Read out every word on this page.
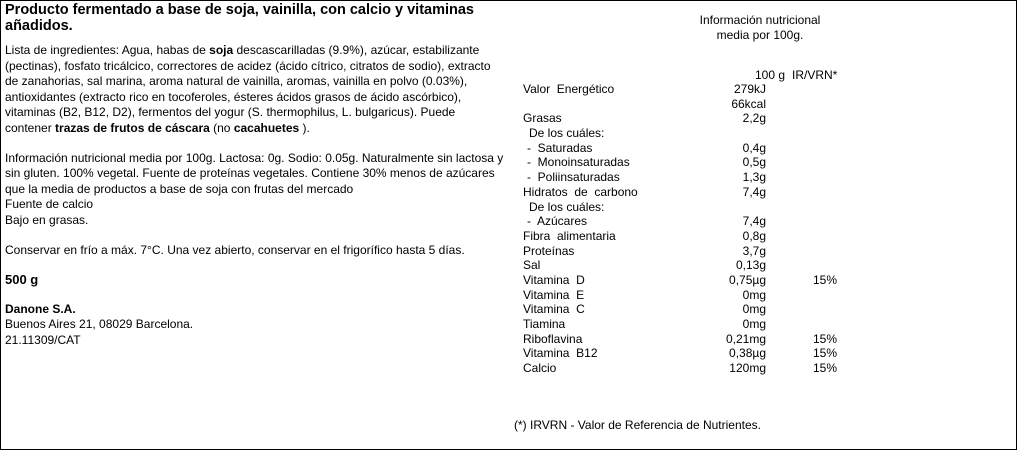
Producto fermentado a base de soja, vainilla, con calcio y vitaminas añadidos.

Lista de ingredientes: Agua, habas de soja descascarilladas (9.9%), azúcar, estabilizante (pectinas), fosfato tricálcico, correctores de acidez (ácido cítrico, citratos de sodio), extracto de zanahorias, sal marina, aroma natural de vainilla, aromas, vainilla en polvo (0.03%), antioxidantes (extracto rico en tocoferoles, ésteres ácidos grasos de ácido ascórbico), vitaminas (B2, B12, D2), fermentos del yogur (S. thermophilus, L. bulgaricus). Puede contener trazas de frutos de cáscara (no cacahuetes ).

Información nutricional media por 100g. Lactosa: 0g. Sodio: 0.05g. Naturalmente sin lactosa y sin gluten. 100% vegetal. Fuente de proteínas vegetales. Contiene 30% menos de azúcares que la media de productos a base de soja con frutas del mercado

Fuente de calcio

Bajo en grasas.

Conservar en frío a máx. 7°C. Una vez abierto, conservar en el frigorífico hasta 5 días.

500 g

Danone S.A.

Buenos Aires 21, 08029 Barcelona.

21.11309/CAT

Información nutricional
media por 100g.
100 g IR/VRN*
Valor  Energético	279kJ
66kcal
Grasas	2,2g
De los cuáles:
-  Saturadas	0,4g
-  Monoinsaturadas	0,5g
-  Poliinsaturadas	1,3g
Hidratos  de  carbono	7,4g
De los cuáles:
-  Azúcares	7,4g
Fibra  alimentaria	0,8g
Proteínas	3,7g
Sal	0,13g
Vitamina  D	0,75µg	15%
Vitamina  E	0mg
Vitamina  C	0mg
Tiamina	0mg
Riboflavina	0,21mg	15%
Vitamina  B12	0,38µg	15%
Calcio	120mg	15%
(*) IRVRN - Valor de Referencia de Nutrientes.
